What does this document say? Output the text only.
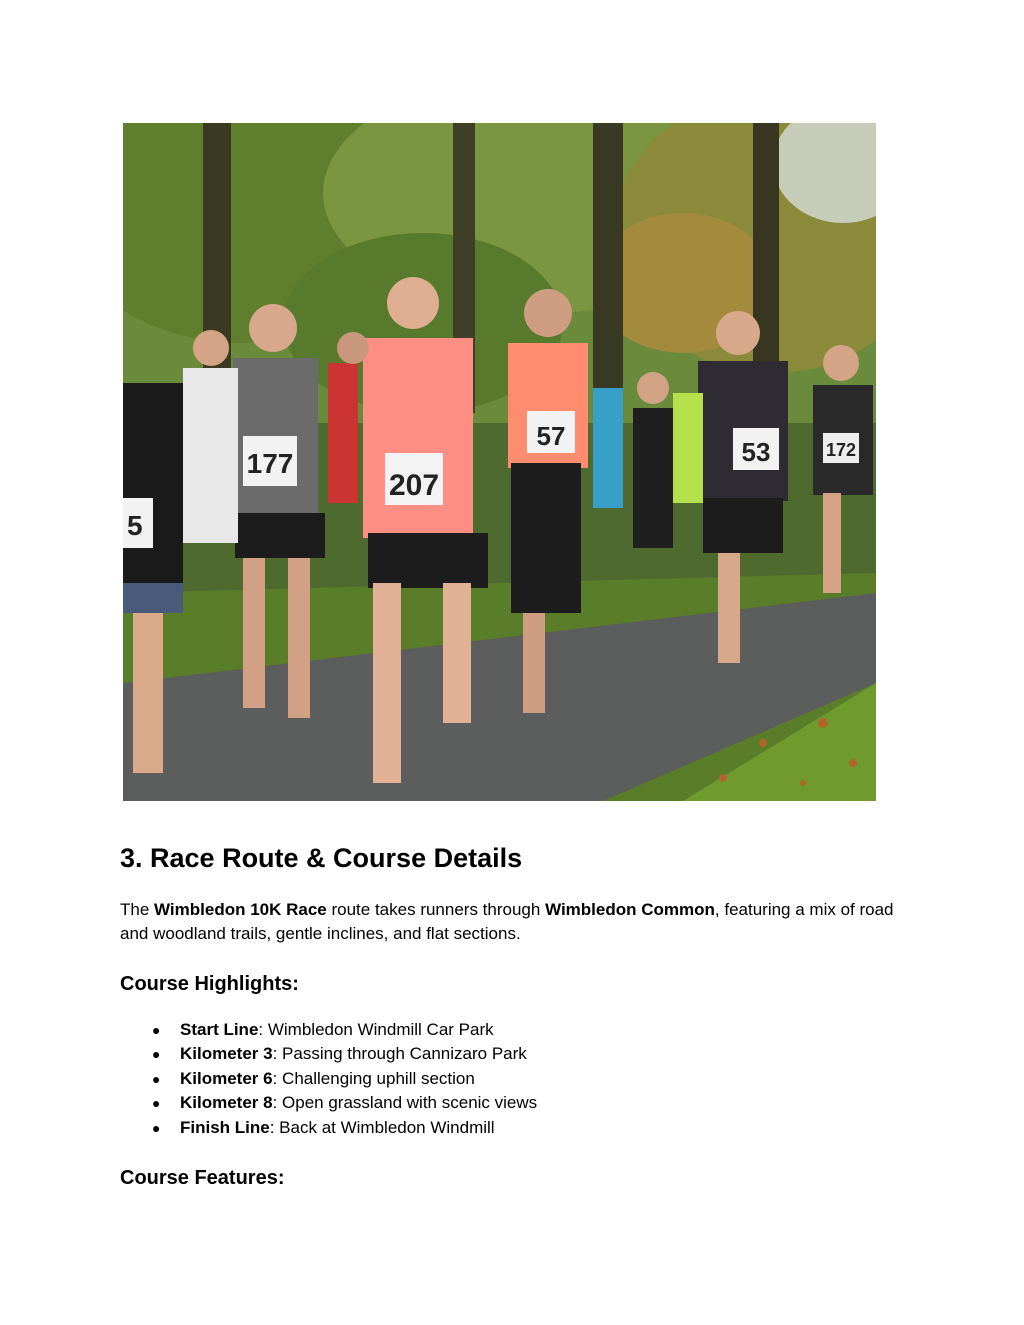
177
207
57
53	172
5
3. Race Route & Course Details

The Wimbledon 10K Race route takes runners through Wimbledon Common, featuring a mix of road and woodland trails, gentle inclines, and flat sections.

Course Highlights:
● Start Line: Wimbledon Windmill Car Park
● Kilometer 3: Passing through Cannizaro Park
● Kilometer 6: Challenging uphill section
● Kilometer 8: Open grassland with scenic views
● Finish Line: Back at Wimbledon Windmill
Course Features:
